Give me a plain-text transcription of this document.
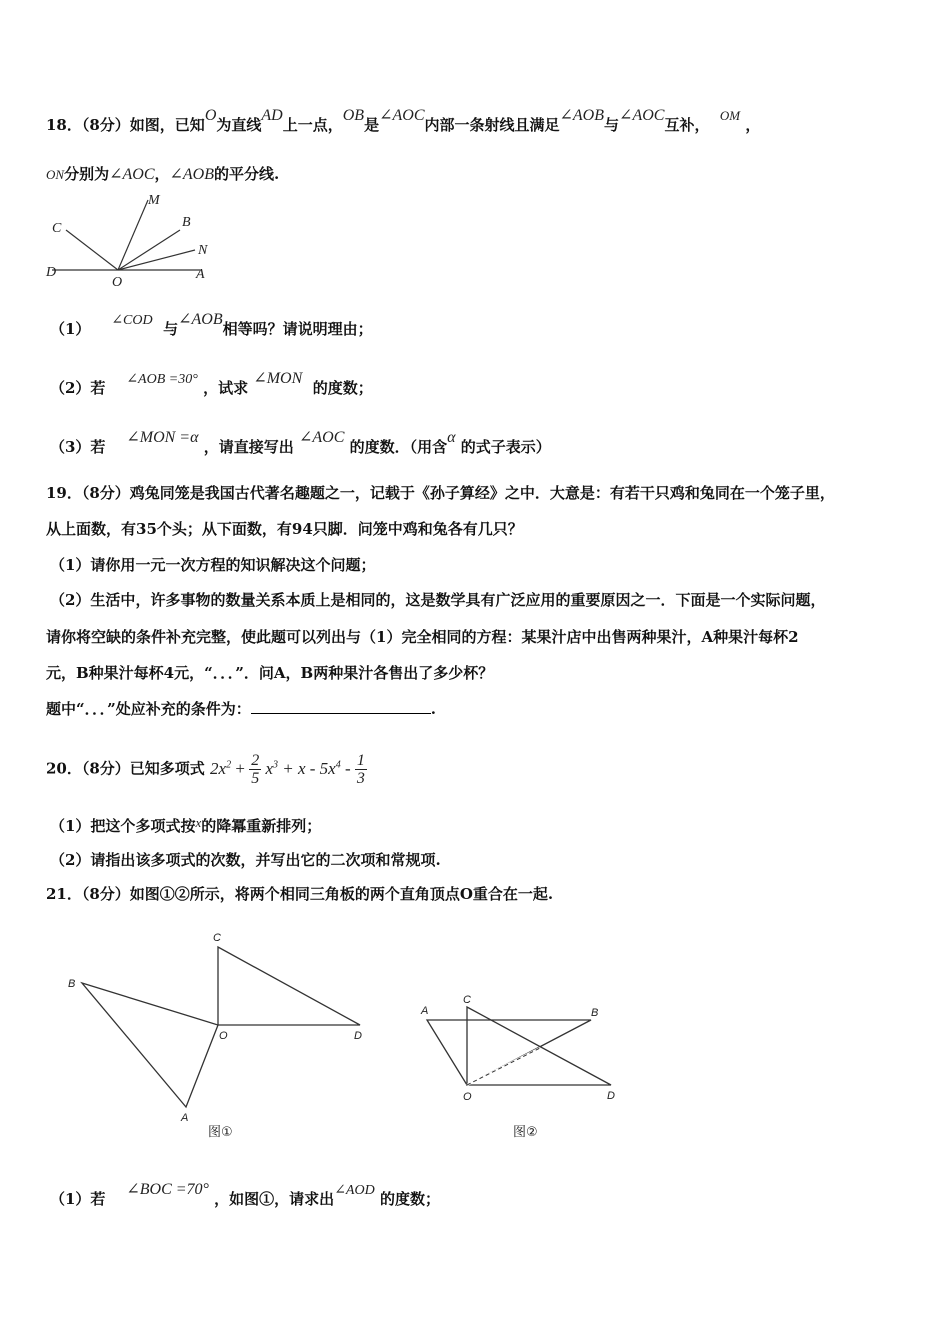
18．（8分）如图，已知O为直线AD上一点，OB是∠AOC内部一条射线且满足∠AOB与∠AOC互补，  OM ，
ON分别为∠AOC，∠AOB的平分线.
C
M
B
N
D
O
A
（1） ∠COD 与∠AOB相等吗？请说明理由；
（2）若 ∠AOB =30° ，试求 ∠MON  的度数；
（3）若    ∠MON =α ，请直接写出 ∠AOC 的度数．（用含α 的式子表示）
19．（8分）鸡兔同笼是我国古代著名趣题之一，记载于《孙子算经》之中．大意是：有若干只鸡和兔同在一个笼子里，
从上面数，有35个头；从下面数，有94只脚．问笼中鸡和兔各有几只？
（1）请你用一元一次方程的知识解决这个问题；
（2）生活中，许多事物的数量关系本质上是相同的，这是数学具有广泛应用的重要原因之一．下面是一个实际问题，
请你将空缺的条件补充完整，使此题可以列出与（1）完全相同的方程：某果汁店中出售两种果汁，A种果汁每杯2
元，B种果汁每杯4元，“．．．”．问A，B两种果汁各售出了多少杯？
题中“．．．”处应补充的条件为：	.
20．（8分）已知多项式 $2x^2 + \frac{2}{5} x^3 + x - 5x^4 - \frac{1}{3}$
（1）把这个多项式按x的降冪重新排列；
（2）请指出该多项式的次数，并写出它的二次项和常规项.
21．（8分）如图①②所示，将两个相同三角板的两个直角顶点O重合在一起.
C
B
O	D
A
图①
A
C
B
O	D
图②
（1）若    ∠BOC =70° ，如图①，请求出∠AOD 的度数；
